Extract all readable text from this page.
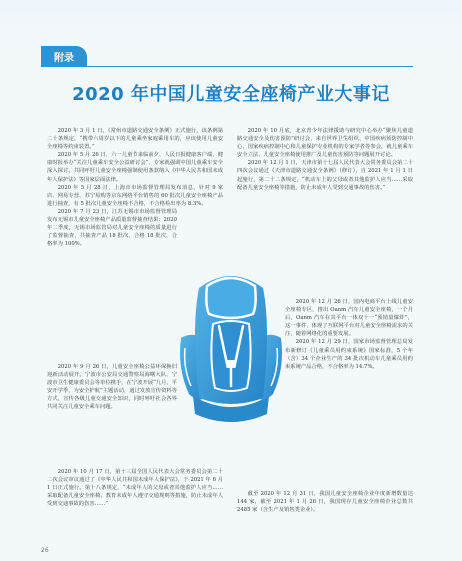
附录
2020 年中国儿童安全座椅产业大事记

2020 年 3 月 1 日，《常州市道路交通安全条例》正式施行，该条例第二十条规定，“携带六周岁以下的儿童乘坐家庭乘用车的，应该使用儿童安全座椅等约束装置。”

2020 年 5 月 26 日，六一儿童节来临前夕，人民日报健康客户端、健康时报举办“关注儿童乘车安全公益研讨会”，专家就强调中国儿童乘车安全深入探讨，共同呼吁儿童安全座椅强制使用条款纳入《中华人民共和国未成年人保护法》等国家层面法律。

2020 年 5 月 28 日，上海市市场监督管理局发布消息，针对 9 家店、网易专营、苏宁易购等京东网络平台销售的 60 批次儿童安全座椅产品进行抽查，有 5 批次儿童安全座椅不合格，不合格检出率为 8.3%。

2020 年 7 月 23 日，江苏无锡市市场监督管理局发布无锡市儿童安全座椅产品质量监督抽查结果：2020 年二季度，无锡市场监管局对儿童安全座椅的质量进行了监督抽查，共抽查产品 18 批次，合格 18 批次，合格率为 100%。

2020 年 9 月 26 日，儿童安全座椅公益环保换旧迎新活动展开。宁波市公安局交通警察局海曙大队、宁波市卫生健康委员会等单位携手，在宁波开展“九月，平安开学季，为安全护航”主题活动，通过发放宣传资料等方式，宣传各级儿童交通安全知识，同时呼吁社会各界共同关注儿童安全乘车问题。

2020 年 10 月 17 日，第十三届全国人民代表大会常务委员会第二十二次会议审议通过了《中华人民共和国未成年人保护法》，于 2021 年 6 月 1 日正式施行。第十八条规定，“未成年人的父母或者其他监护人应当……采取配备儿童安全座椅、教育未成年人遵守交通规则等措施，防止未成年人受到交通事故的伤害……”

2020 年 10 月底，北京青少年法律援助与研究中心举办“聚焦儿童道路交通安全及伤害预防”研讨会，来自世界卫生组织、中国疾病预防控制中心、国家疾病控制中心和儿童保护专业机构的专家学者等参会，就儿童乘车安全立法、儿童安全座椅使用推广及儿童伤害预防等问题展开讨论。

2020 年 12 月 1 日，天津市第十七届人民代表大会常务委员会第二十四次会议通过《天津市道路交通安全条例》（修订），自 2021 年 1 月 1 日起施行，第二十二条规定，“机动车上的父母或者其他监护人应当……采取配备儿童安全座椅等措施，防止未成年人受到交通事故的伤害。”

2020 年 12 月 26 日，国内电商平台上线儿童安全座椅专区，推出 Oanm 汽车儿童安全座椅，一个月后，Oanm 汽车在其平台一体双十一“预销量爆炸”，这一事件，体现了互联网平台对儿童安全座椅需求的关注，随着网络化的重要发展。

2020 年 12 月 29 日，国家市场监督管理总局发布新修订《儿童乘员用约束系统》国家标准，5 个年（含）34 个企业生产的 34 批次机动车儿童乘员用约束系统产品合格，不合格率为 14.7%。

截至 2020 年 12 月 31 日，我国儿童安全座椅企业年度新增数量达 144 家，截至 2021 年 1 月 26 日，我国现存儿童安全座椅企业总数共 2485 家（含生产及销售类企业）。

26
